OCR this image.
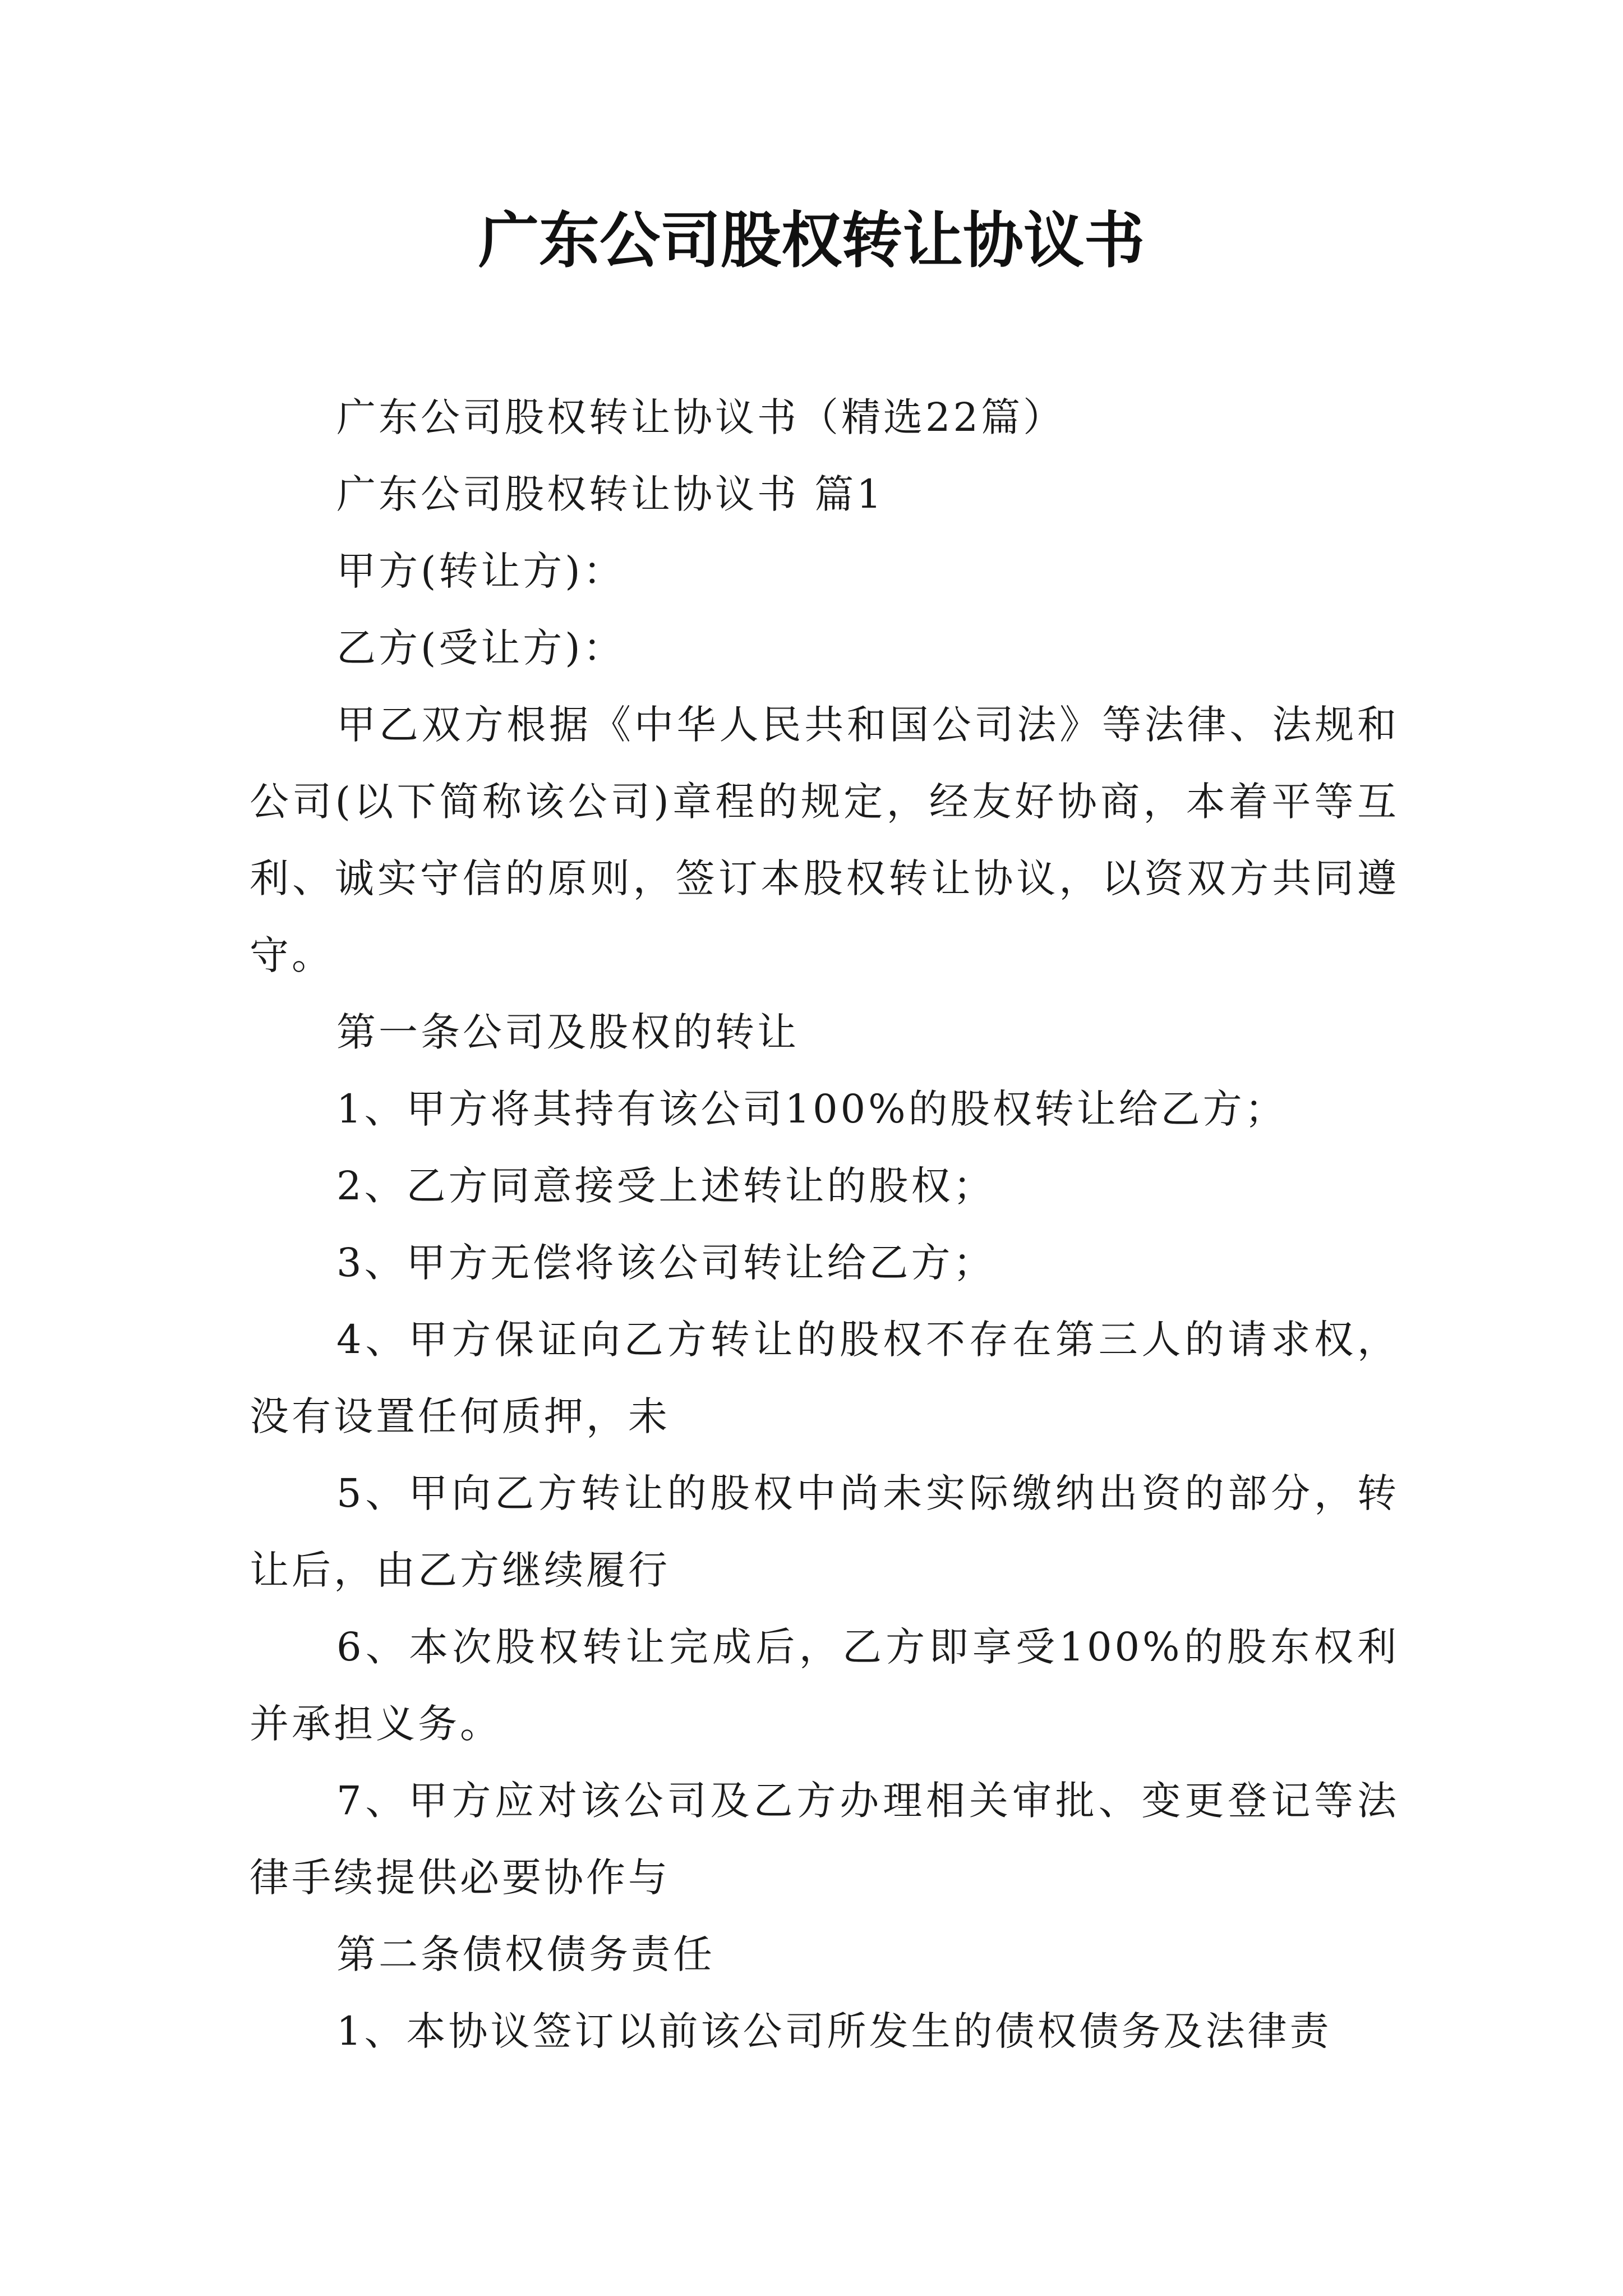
广东公司股权转让协议书

广东公司股权转让协议书（精选22篇）

广东公司股权转让协议书 篇1

甲方(转让方)：

乙方(受让方)：

甲乙双方根据《中华人民共和国公司法》等法律、法规和公司(以下简称该公司)章程的规定，经友好协商，本着平等互利、诚实守信的原则，签订本股权转让协议，以资双方共同遵守。

第一条公司及股权的转让

1、甲方将其持有该公司100%的股权转让给乙方；

2、乙方同意接受上述转让的股权；

3、甲方无偿将该公司转让给乙方；

4、甲方保证向乙方转让的股权不存在第三人的请求权，没有设置任何质押，未

5、甲向乙方转让的股权中尚未实际缴纳出资的部分，转让后，由乙方继续履行

6、本次股权转让完成后，乙方即享受100%的股东权利并承担义务。

7、甲方应对该公司及乙方办理相关审批、变更登记等法律手续提供必要协作与

第二条债权债务责任

1、本协议签订以前该公司所发生的债权债务及法律责
